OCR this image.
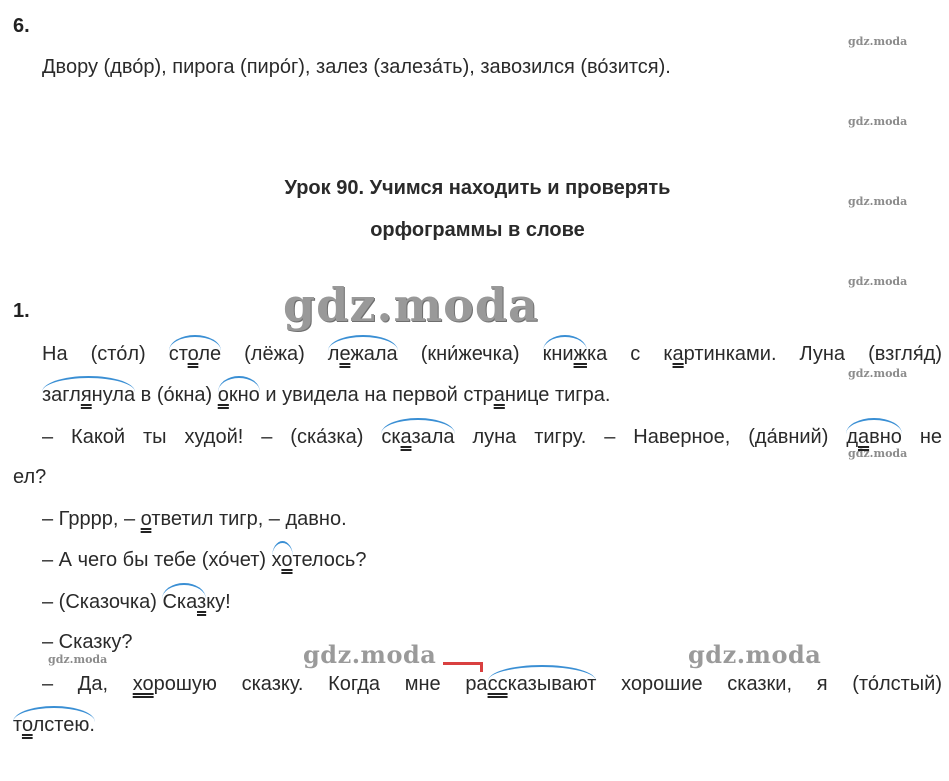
gdz.moda
gdz.moda
gdz.moda
gdz.moda
gdz.moda
gdz.moda
gdz.moda
6.
Двору (дво́р), пирога (пиро́г), залез (залеза́ть), завозился (во́зится).
Урок 90. Учимся находить и проверять
орфограммы в слове
gdz.moda
1.
На (сто́л) столе (лёжа) лежала (кни́жечка) книжка с картинками. Луна (взгля́д)
заглянула в (о́кна) окно и увидела на первой странице тигра.
– Какой ты худой! – (ска́зка) сказала луна тигру. – Наверное, (да́вний) давно не
ел?
– Грррр, – ответил тигр, – давно.
– А чего бы тебе (хо́чет) хотелось?
– (Сказочка) Сказку!
– Сказку?	gdz.moda	gdz.moda
– Да, хорошую сказку. Когда мне рассказывают хорошие сказки, я (то́лстый)
толстею.
